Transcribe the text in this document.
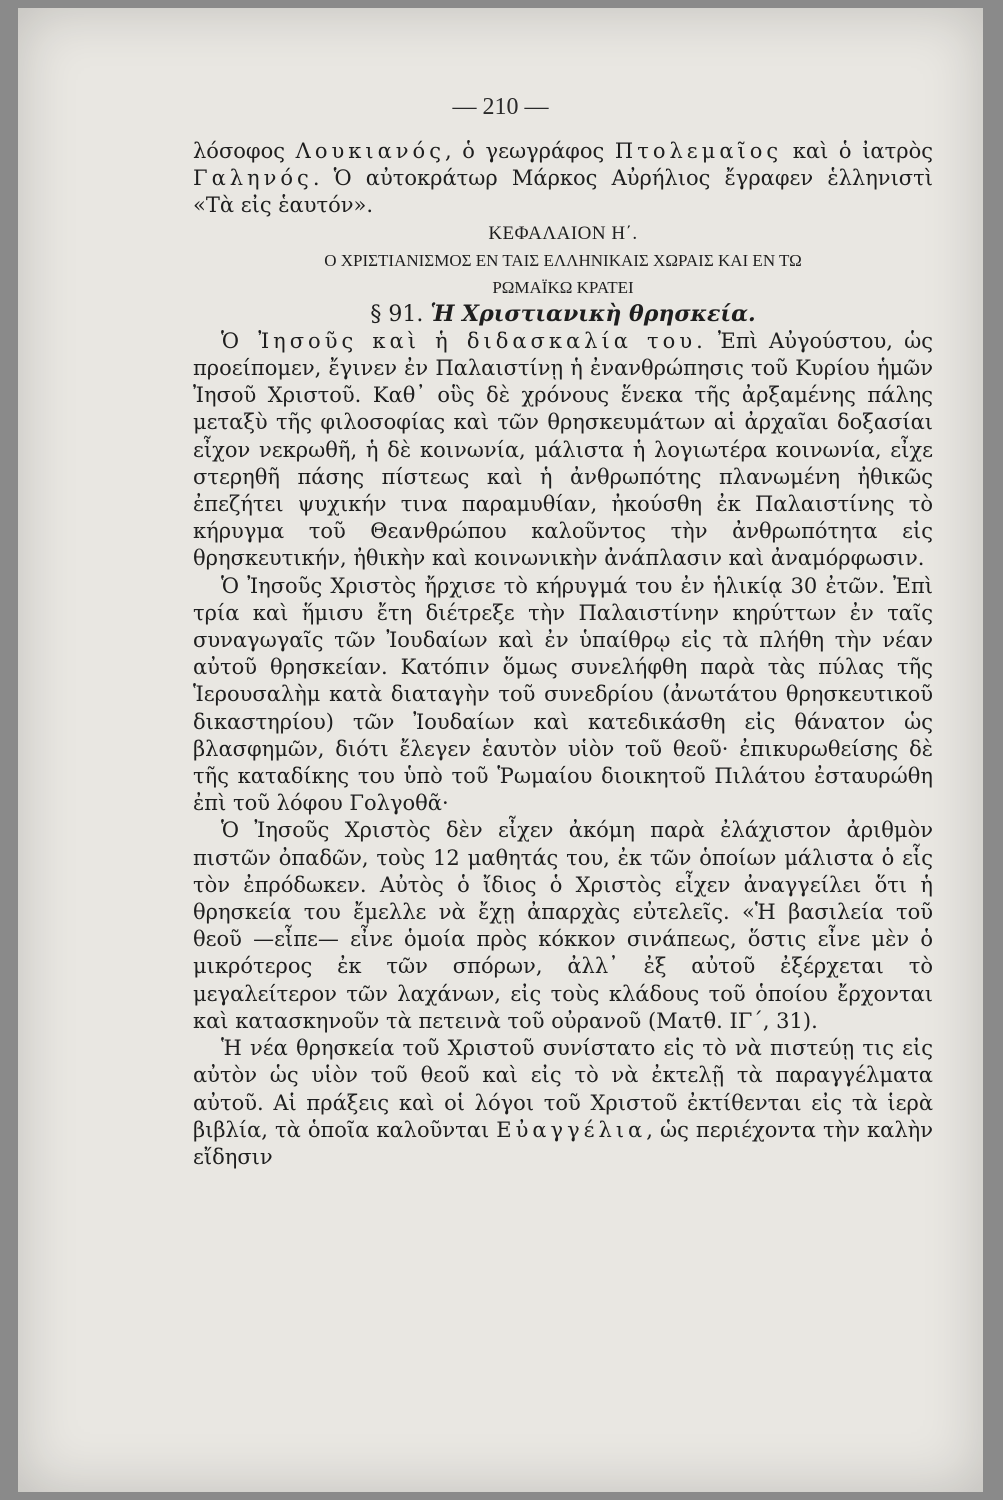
— 210 —

λόσοφος Λουκιανός, ὁ γεωγράφος Πτολεμαῖος καὶ ὁ ἰατρὸς Γαληνός. Ὁ αὐτοκράτωρ Μάρκος Αὐρήλιος ἔγραφεν ἑλληνιστὶ «Τὰ εἰς ἑαυτόν».

ΚΕΦΑΛΑΙΟΝ Η΄.
Ο ΧΡΙΣΤΙΑΝΙΣΜΟΣ ΕΝ ΤΑΙΣ ΕΛΛΗΝΙΚΑΙΣ ΧΩΡΑΙΣ ΚΑΙ ΕΝ ΤΩ
ΡΩΜΑΪΚΩ ΚΡΑΤΕΙ
§ 91. Ἡ Χριστιανικὴ θρησκεία.

Ὁ Ἰησοῦς καὶ ἡ διδασκαλία του. Ἐπὶ Αὐγούστου, ὡς προείπομεν, ἔγινεν ἐν Παλαιστίνῃ ἡ ἐνανθρώπησις τοῦ Κυρίου ἡμῶν Ἰησοῦ Χριστοῦ. Καθ᾿ οὓς δὲ χρόνους ἕνεκα τῆς ἀρξαμένης πάλης μεταξὺ τῆς φιλοσοφίας καὶ τῶν θρησκευμάτων αἱ ἀρχαῖαι δοξασίαι εἶχον νεκρωθῆ, ἡ δὲ κοινωνία, μάλιστα ἡ λογιωτέρα κοινωνία, εἶχε στερηθῆ πάσης πίστεως καὶ ἡ ἀνθρωπότης πλανωμένη ἠθικῶς ἐπεζήτει ψυχικήν τινα παραμυθίαν, ἠκούσθη ἐκ Παλαιστίνης τὸ κήρυγμα τοῦ Θεανθρώπου καλοῦντος τὴν ἀνθρωπότητα εἰς θρησκευτικήν, ἠθικὴν καὶ κοινωνικὴν ἀνάπλασιν καὶ ἀναμόρφωσιν.

Ὁ Ἰησοῦς Χριστὸς ἤρχισε τὸ κήρυγμά του ἐν ἡλικίᾳ 30 ἐτῶν. Ἐπὶ τρία καὶ ἥμισυ ἔτη διέτρεξε τὴν Παλαιστίνην κηρύττων ἐν ταῖς συναγωγαῖς τῶν Ἰουδαίων καὶ ἐν ὑπαίθρῳ εἰς τὰ πλήθη τὴν νέαν αὐτοῦ θρησκείαν. Κατόπιν ὅμως συνελήφθη παρὰ τὰς πύλας τῆς Ἱερουσαλὴμ κατὰ διαταγὴν τοῦ συνεδρίου (ἀνωτάτου θρησκευτικοῦ δικαστηρίου) τῶν Ἰουδαίων καὶ κατεδικάσθη εἰς θάνατον ὡς βλασφημῶν, διότι ἔλεγεν ἑαυτὸν υἱὸν τοῦ θεοῦ· ἐπικυρωθείσης δὲ τῆς καταδίκης του ὑπὸ τοῦ Ῥωμαίου διοικητοῦ Πιλάτου ἐσταυρώθη ἐπὶ τοῦ λόφου Γολγοθᾶ·

Ὁ Ἰησοῦς Χριστὸς δὲν εἶχεν ἀκόμη παρὰ ἐλάχιστον ἀριθμὸν πιστῶν ὀπαδῶν, τοὺς 12 μαθητάς του, ἐκ τῶν ὁποίων μάλιστα ὁ εἷς τὸν ἐπρόδωκεν. Αὐτὸς ὁ ἴδιος ὁ Χριστὸς εἶχεν ἀναγγείλει ὅτι ἡ θρησκεία του ἔμελλε νὰ ἔχῃ ἀπαρχὰς εὐτελεῖς. «Ἡ βασιλεία τοῦ θεοῦ —εἶπε— εἶνε ὁμοία πρὸς κόκκον σινάπεως, ὅστις εἶνε μὲν ὁ μικρότερος ἐκ τῶν σπόρων, ἀλλ᾿ ἐξ αὐτοῦ ἐξέρχεται τὸ μεγαλείτερον τῶν λαχάνων, εἰς τοὺς κλάδους τοῦ ὁποίου ἔρχονται καὶ κατασκηνοῦν τὰ πετεινὰ τοῦ οὐρανοῦ (Ματθ. ΙΓ΄, 31).

Ἡ νέα θρησκεία τοῦ Χριστοῦ συνίστατο εἰς τὸ νὰ πιστεύῃ τις εἰς αὐτὸν ὡς υἱὸν τοῦ θεοῦ καὶ εἰς τὸ νὰ ἐκτελῇ τὰ παραγγέλματα αὐτοῦ. Αἱ πράξεις καὶ οἱ λόγοι τοῦ Χριστοῦ ἐκτίθενται εἰς τὰ ἱερὰ βιβλία, τὰ ὁποῖα καλοῦνται Εὐαγγέλια, ὡς περιέχοντα τὴν καλὴν εἴδησιν
